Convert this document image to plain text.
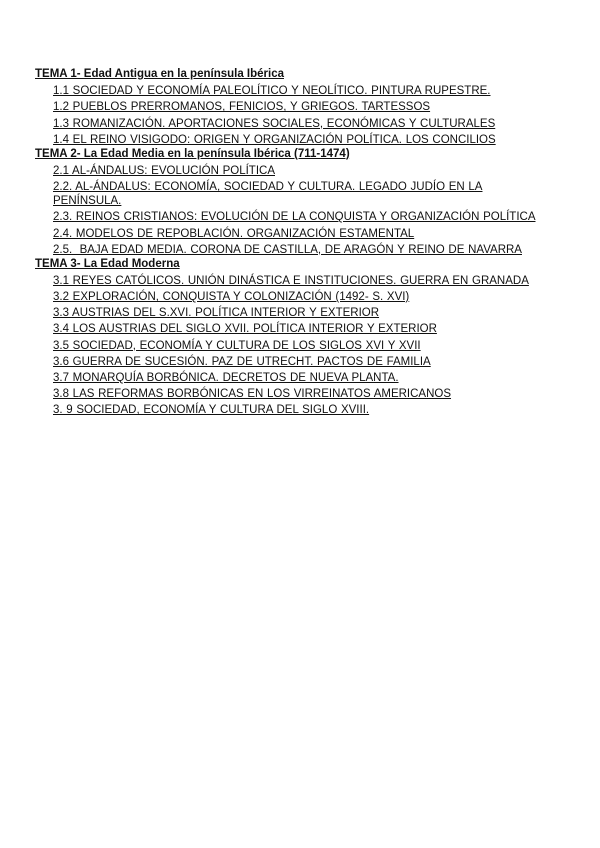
TEMA 1- Edad Antigua en la península Ibérica
1.1 SOCIEDAD Y ECONOMÍA PALEOLÍTICO Y NEOLÍTICO. PINTURA RUPESTRE.
1.2 PUEBLOS PRERROMANOS, FENICIOS, Y GRIEGOS. TARTESSOS
1.3 ROMANIZACIÓN. APORTACIONES SOCIALES, ECONÓMICAS Y CULTURALES
1.4 EL REINO VISIGODO: ORIGEN Y ORGANIZACIÓN POLÍTICA. LOS CONCILIOS
TEMA 2- La Edad Media en la península Ibérica (711-1474)
2.1 AL-ÁNDALUS: EVOLUCIÓN POLÍTICA
2.2. AL-ÁNDALUS: ECONOMÍA, SOCIEDAD Y CULTURA. LEGADO JUDÍO EN LA PENÍNSULA.
2.3. REINOS CRISTIANOS: EVOLUCIÓN DE LA CONQUISTA Y ORGANIZACIÓN POLÍTICA
2.4. MODELOS DE REPOBLACIÓN. ORGANIZACIÓN ESTAMENTAL
2.5.  BAJA EDAD MEDIA. CORONA DE CASTILLA, DE ARAGÓN Y REINO DE NAVARRA
TEMA 3- La Edad Moderna
3.1 REYES CATÓLICOS. UNIÓN DINÁSTICA E INSTITUCIONES. GUERRA EN GRANADA
3.2 EXPLORACIÓN, CONQUISTA Y COLONIZACIÓN (1492- S. XVI)
3.3 AUSTRIAS DEL S.XVI. POLÍTICA INTERIOR Y EXTERIOR
3.4 LOS AUSTRIAS DEL SIGLO XVII. POLÍTICA INTERIOR Y EXTERIOR
3.5 SOCIEDAD, ECONOMÍA Y CULTURA DE LOS SIGLOS XVI Y XVII
3.6 GUERRA DE SUCESIÓN. PAZ DE UTRECHT. PACTOS DE FAMILIA
3.7 MONARQUÍA BORBÓNICA. DECRETOS DE NUEVA PLANTA.
3.8 LAS REFORMAS BORBÓNICAS EN LOS VIRREINATOS AMERICANOS
3. 9 SOCIEDAD, ECONOMÍA Y CULTURA DEL SIGLO XVIII.
